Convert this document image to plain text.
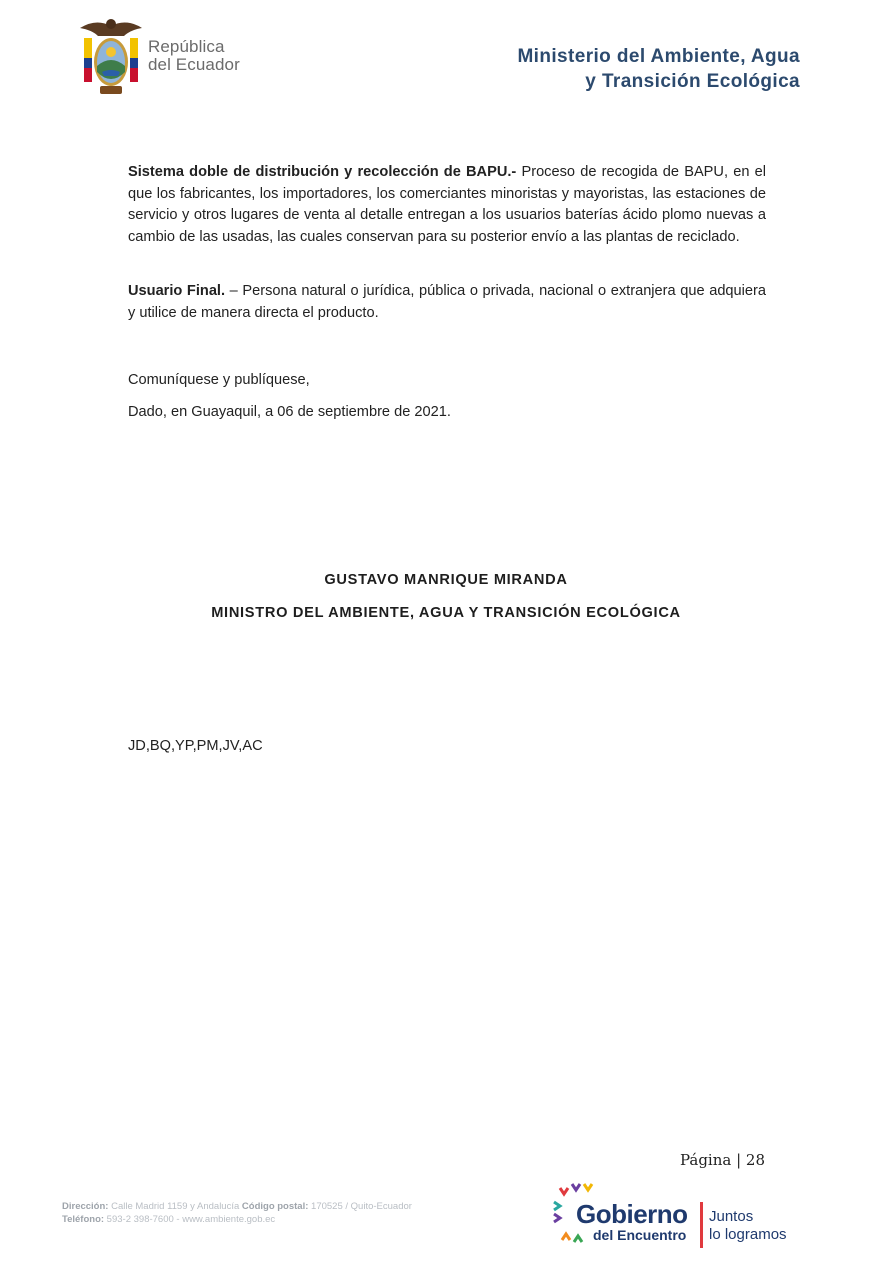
República
del Ecuador	Ministerio del Ambiente, Agua
y Transición Ecológica

Sistema doble de distribución y recolección de BAPU.- Proceso de recogida de BAPU, en el que los fabricantes, los importadores, los comerciantes minoristas y mayoristas, las estaciones de servicio y otros lugares de venta al detalle entregan a los usuarios baterías ácido plomo nuevas a cambio de las usadas, las cuales conservan para su posterior envío a las plantas de reciclado.

Usuario Final. – Persona natural o jurídica, pública o privada, nacional o extranjera que adquiera y utilice de manera directa el producto.

Comuníquese y publíquese,
Dado, en Guayaquil, a 06 de septiembre de 2021.
GUSTAVO MANRIQUE MIRANDA
MINISTRO DEL AMBIENTE, AGUA Y TRANSICIÓN ECOLÓGICA
JD,BQ,YP,PM,JV,AC
Página | 28
Dirección: Calle Madrid 1159 y Andalucía Código postal: 170525 / Quito-Ecuador
Teléfono: 593-2 398-7600 - www.ambiente.gob.ec	Gobierno
del Encuentro
Juntos
lo logramos
